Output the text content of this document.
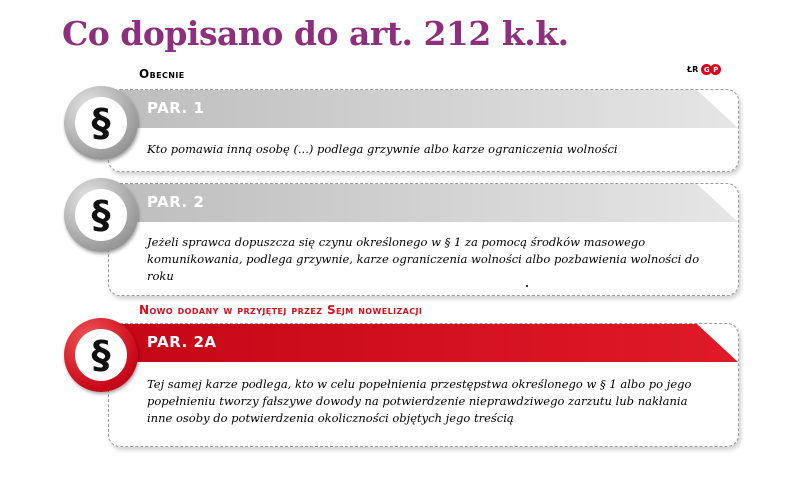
Co dopisano do art. 212 k.k.
ŁR G P
Obecnie
PAR. 1
Kto pomawia inną osobę (...) podlega grzywnie albo karze ograniczenia wolności
PAR. 2
Jeżeli sprawca dopuszcza się czynu określonego w § 1 za pomocą środków masowego komunikowania, podlega grzywnie, karze ograniczenia wolności albo pozbawienia wolności do roku
Nowo dodany w przyjętej przez Sejm nowelizacji
PAR. 2A
Tej samej karze podlega, kto w celu popełnienia przestępstwa określonego w § 1 albo po jego popełnieniu tworzy fałszywe dowody na potwierdzenie nieprawdziwego zarzutu lub nakłania inne osoby do potwierdzenia okoliczności objętych jego treścią
§
§
§
